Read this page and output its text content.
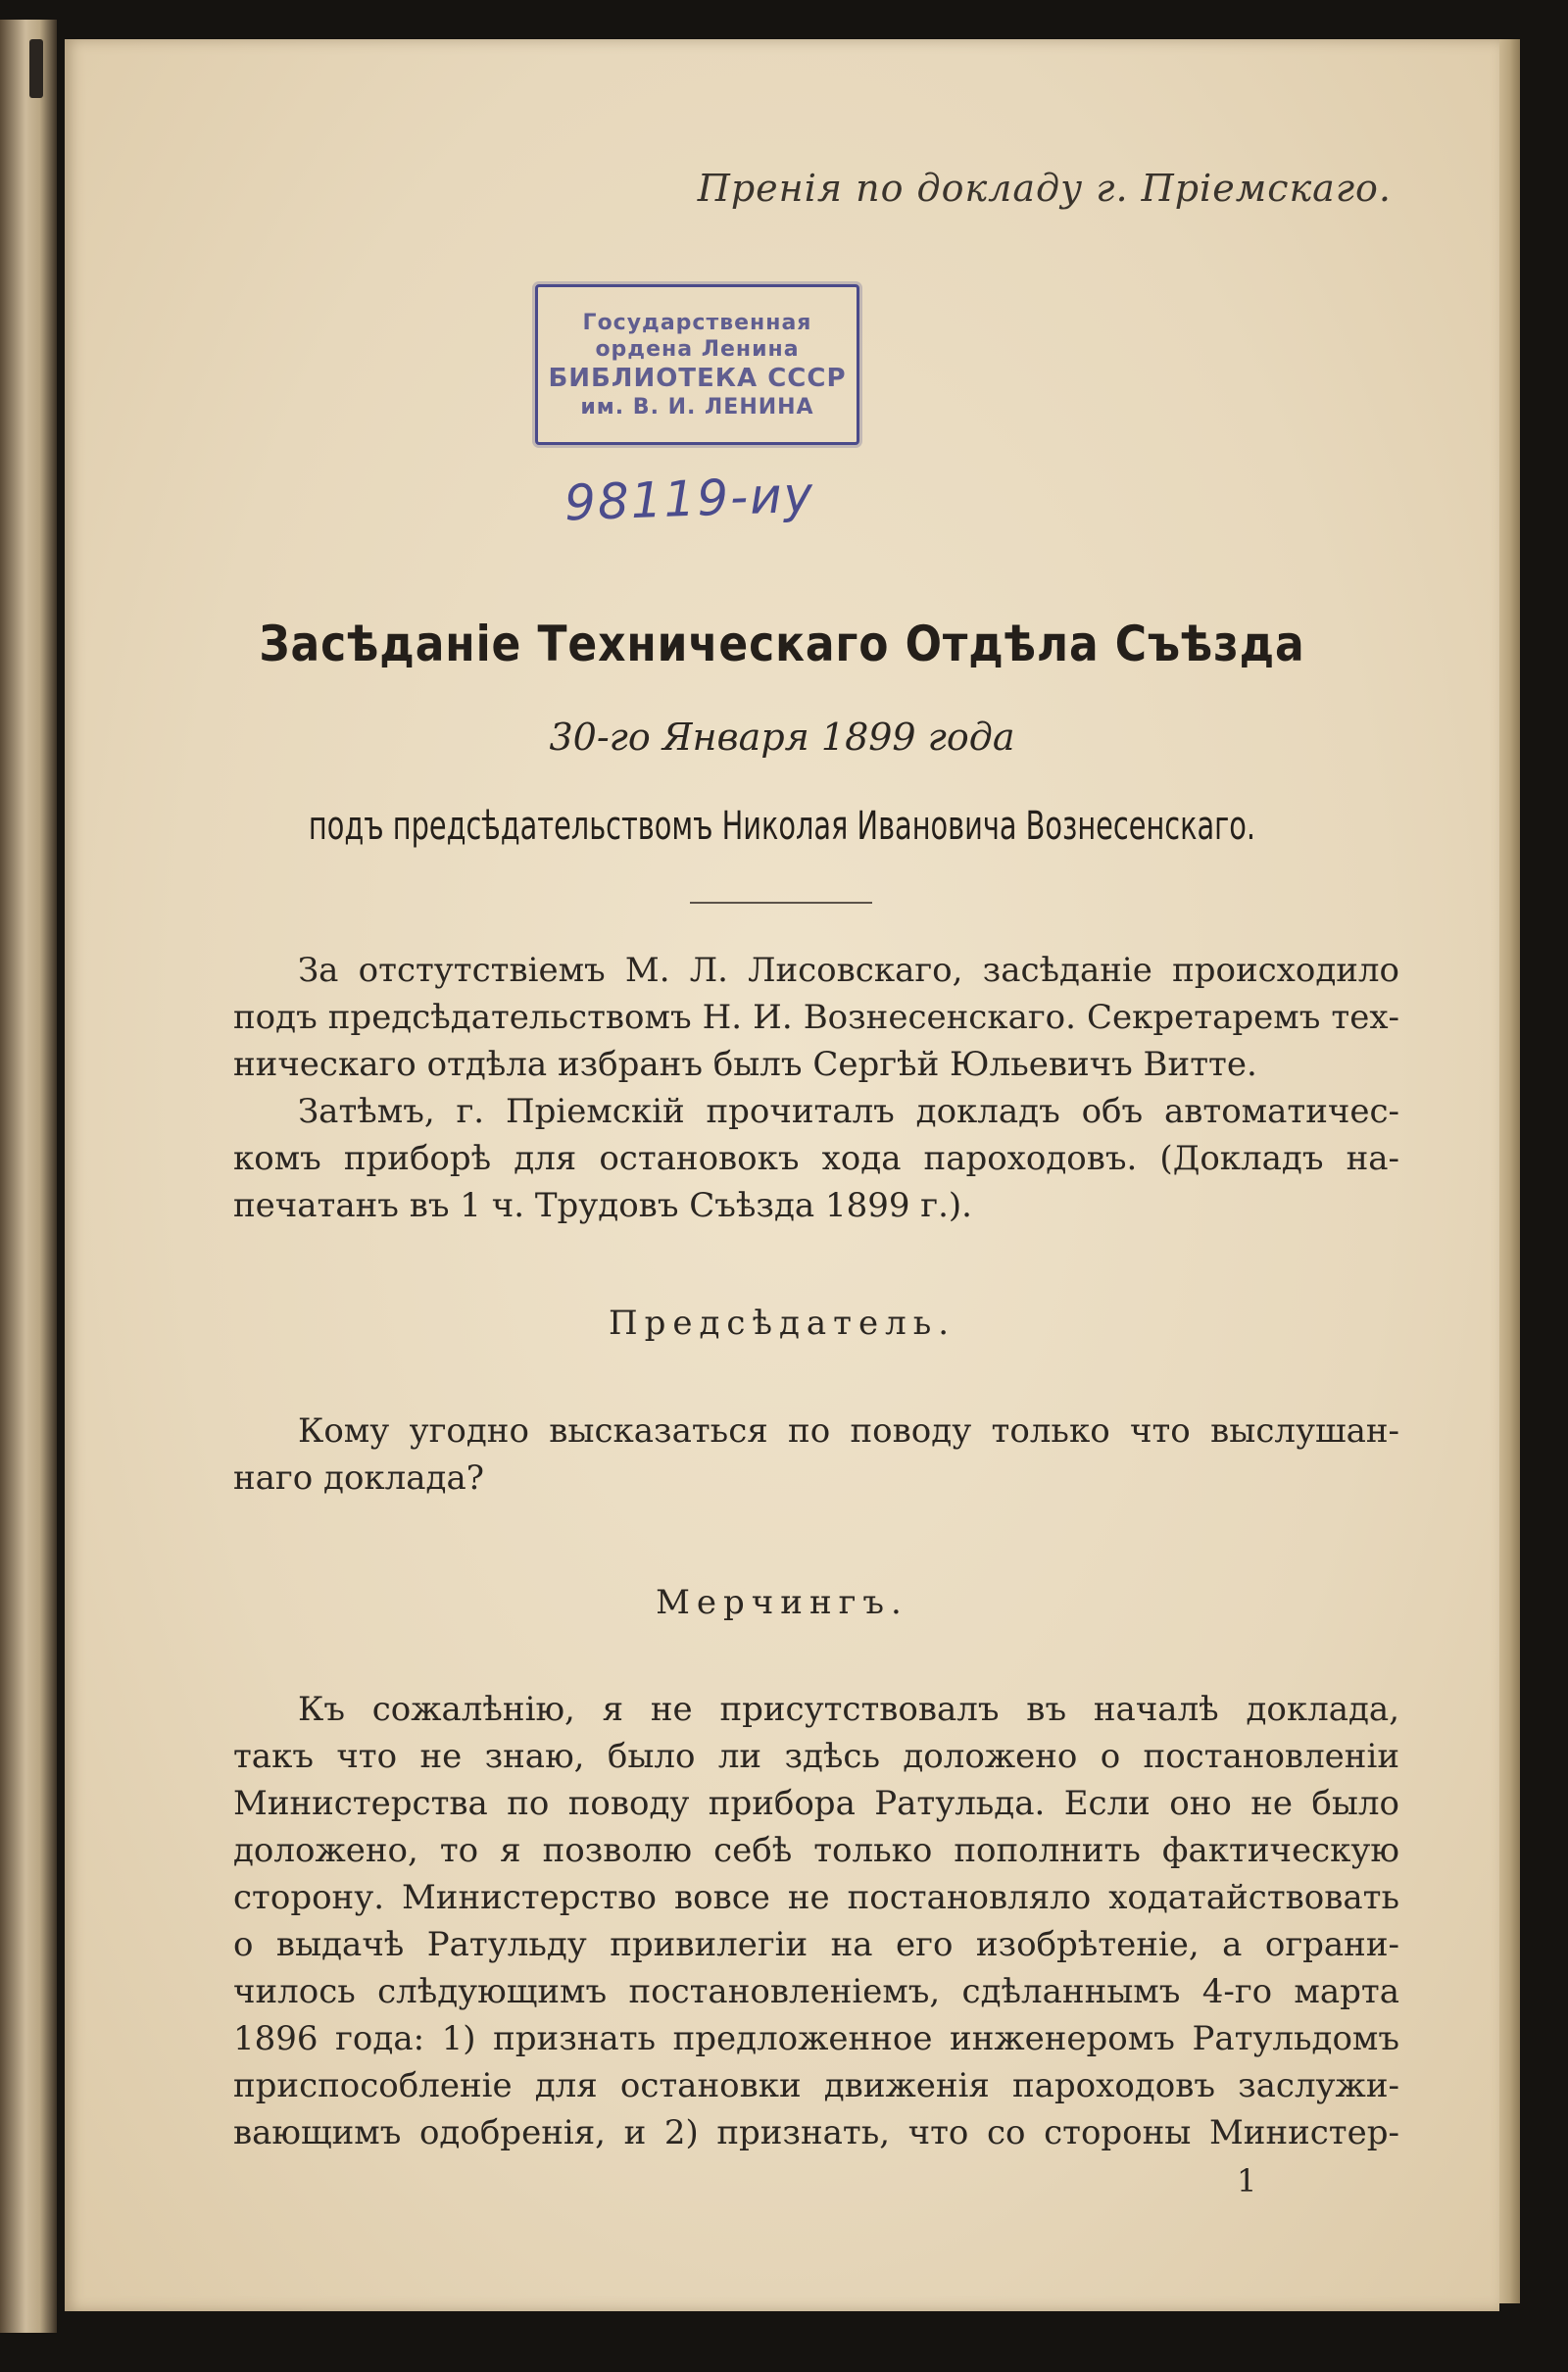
Пренія по докладу г. Пріемскаго.
Государственная
ордена Ленина
БИБЛИОТЕКА СССР
им. В. И. ЛЕНИНА
98119-иу
Засѣданіе Техническаго Отдѣла Съѣзда
30-го Января 1899 года
подъ предсѣдательствомъ Николая Ивановича Вознесенскаго.
За отстутствіемъ М. Л. Лисовскаго, засѣданіе происходило
подъ предсѣдательствомъ Н. И. Вознесенскаго. Секретаремъ тех-
ническаго отдѣла избранъ былъ Сергѣй Юльевичъ Витте.
Затѣмъ, г. Пріемскій прочиталъ докладъ объ автоматичес-
комъ приборѣ для остановокъ хода пароходовъ. (Докладъ на-
печатанъ въ 1 ч. Трудовъ Съѣзда 1899 г.).
Предсѣдатель.
Кому угодно высказаться по поводу только что выслушан-
наго доклада?
Мерчингъ.
Къ сожалѣнію, я не присутствовалъ въ началѣ доклада,
такъ что не знаю, было ли здѣсь доложено о постановленіи
Министерства по поводу прибора Ратульда. Если оно не было
доложено, то я позволю себѣ только пополнить фактическую
сторону. Министерство вовсе не постановляло ходатайствовать
о выдачѣ Ратульду привилегіи на его изобрѣтеніе, а ограни-
чилось слѣдующимъ постановленіемъ, сдѣланнымъ 4-го марта
1896 года: 1) признать предложенное инженеромъ Ратульдомъ
приспособленіе для остановки движенія пароходовъ заслужи-
вающимъ одобренія, и 2) признать, что со стороны Министер-
1
